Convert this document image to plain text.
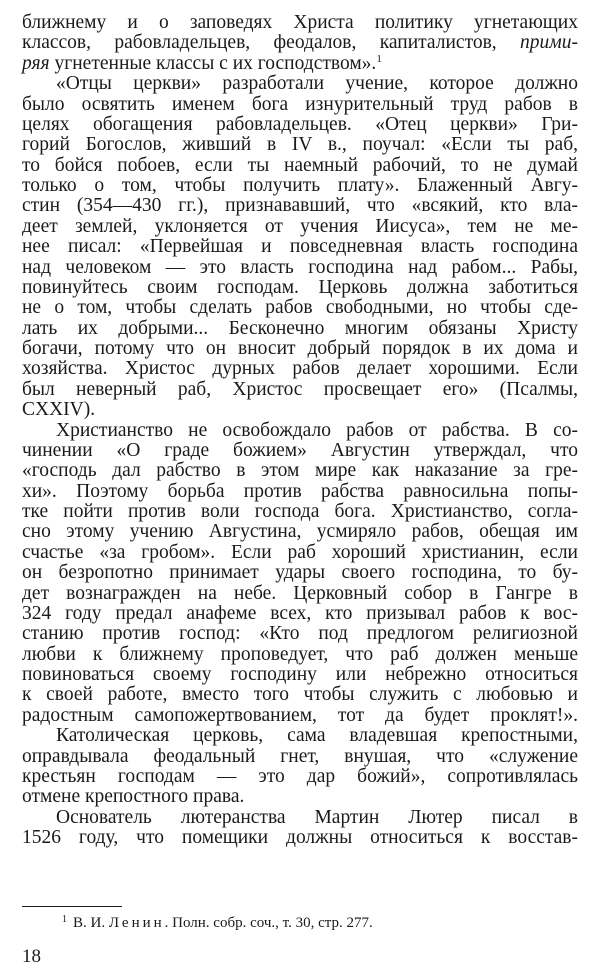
ближнему и о заповедях Христа политику угнетающих
классов, рабовладельцев, феодалов, капиталистов, прими-
ряя угнетенные классы с их господством».$^1$
«Отцы церкви» разработали учение, которое должно
было освятить именем бога изнурительный труд рабов в
целях обогащения рабовладельцев. «Отец церкви» Гри-
горий Богослов, живший в IV в., поучал: «Если ты раб,
то бойся побоев, если ты наемный рабочий, то не думай
только о том, чтобы получить плату». Блаженный Авгу-
стин (354—430 гг.), признававший, что «всякий, кто вла-
деет землей, уклоняется от учения Иисуса», тем не ме-
нее писал: «Первейшая и повседневная власть господина
над человеком — это власть господина над рабом... Рабы,
повинуйтесь своим господам. Церковь должна заботиться
не о том, чтобы сделать рабов свободными, но чтобы сде-
лать их добрыми... Бесконечно многим обязаны Христу
богачи, потому что он вносит добрый порядок в их дома и
хозяйства. Христос дурных рабов делает хорошими. Если
был неверный раб, Христос просвещает его» (Псалмы,
CXXIV).
Христианство не освобождало рабов от рабства. В со-
чинении «О граде божием» Августин утверждал, что
«господь дал рабство в этом мире как наказание за гре-
хи». Поэтому борьба против рабства равносильна попы-
тке пойти против воли господа бога. Христианство, согла-
сно этому учению Августина, усмиряло рабов, обещая им
счастье «за гробом». Если раб хороший христианин, если
он безропотно принимает удары своего господина, то бу-
дет вознагражден на небе. Церковный собор в Гангре в
324 году предал анафеме всех, кто призывал рабов к вос-
станию против господ: «Кто под предлогом религиозной
любви к ближнему проповедует, что раб должен меньше
повиноваться своему господину или небрежно относиться
к своей работе, вместо того чтобы служить с любовью и
радостным самопожертвованием, тот да будет проклят!».
Католическая церковь, сама владевшая крепостными,
оправдывала феодальный гнет, внушая, что «служение
крестьян господам — это дар божий», сопротивлялась
отмене крепостного права.
Основатель лютеранства Мартин Лютер писал в
1526 году, что помещики должны относиться к восстав-
$^1$ В. И. Ленин. Полн. собр. соч., т. 30, стр. 277.
18
